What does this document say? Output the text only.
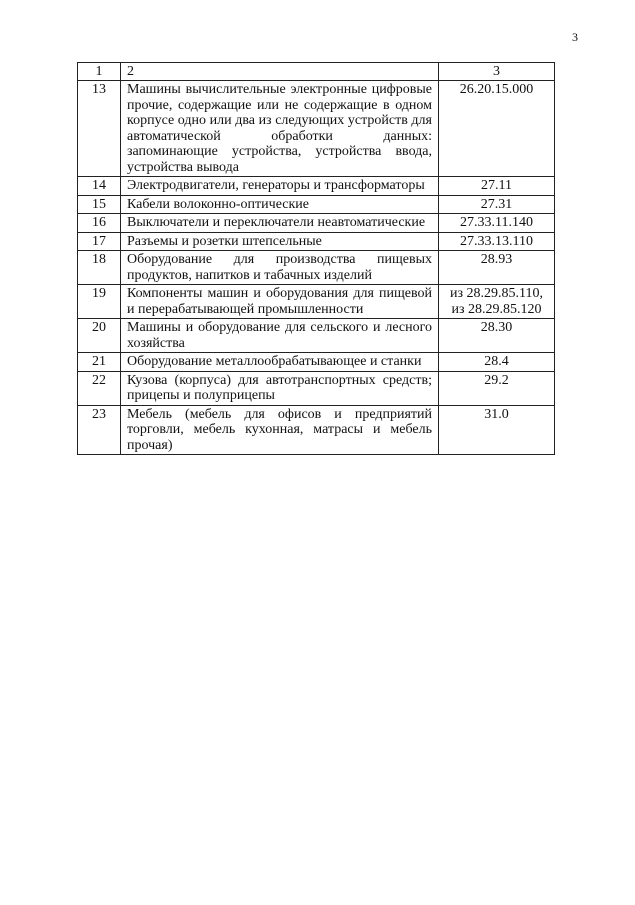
3
1	2	3
13	Машины вычислительные электронные цифровые прочие, содержащие или не содержащие в одном корпусе одно или два из следующих устройств для автоматической обработки данных: запоминающие устройства, устройства ввода, устройства вывода	26.20.15.000

14	Электродвигатели, генераторы и трансформаторы	27.11

15	Кабели волоконно-оптические	27.31

16	Выключатели и переключатели неавтоматические	27.33.11.140

17	Разъемы и розетки штепсельные	27.33.13.110

18	Оборудование для производства пищевых продуктов, напитков и табачных изделий	28.93

19	Компоненты машин и оборудования для пищевой и перерабатывающей промышленности	из 28.29.85.110,
из 28.29.85.120

20	Машины и оборудование для сельского и лесного хозяйства	28.30

21	Оборудование металлообрабатывающее и станки	28.4

22	Кузова (корпуса) для автотранспортных средств; прицепы и полуприцепы	29.2

23	Мебель (мебель для офисов и предприятий торговли, мебель кухонная, матрасы и мебель прочая)	31.0
